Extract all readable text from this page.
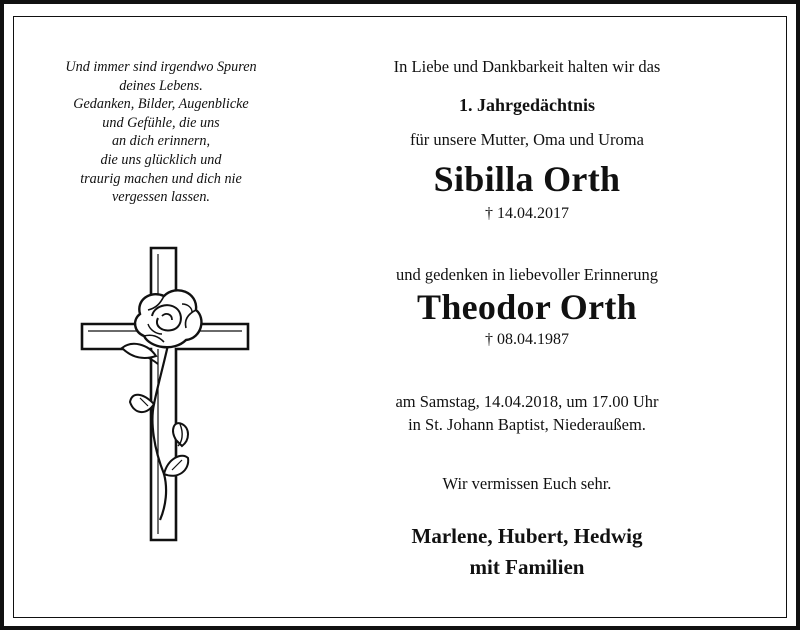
Und immer sind irgendwo Spuren
deines Lebens.
Gedanken, Bilder, Augenblicke
und Gefühle, die uns
an dich erinnern,
die uns glücklich und
traurig machen und dich nie
vergessen lassen.
In Liebe und Dankbarkeit halten wir das
1. Jahrgedächtnis
für unsere Mutter, Oma und Uroma
Sibilla Orth
† 14.04.2017
und gedenken in liebevoller Erinnerung
Theodor Orth
† 08.04.1987
am Samstag, 14.04.2018, um 17.00 Uhr
in St. Johann Baptist, Niederaußem.
Wir vermissen Euch sehr.
Marlene, Hubert, Hedwig
mit Familien
